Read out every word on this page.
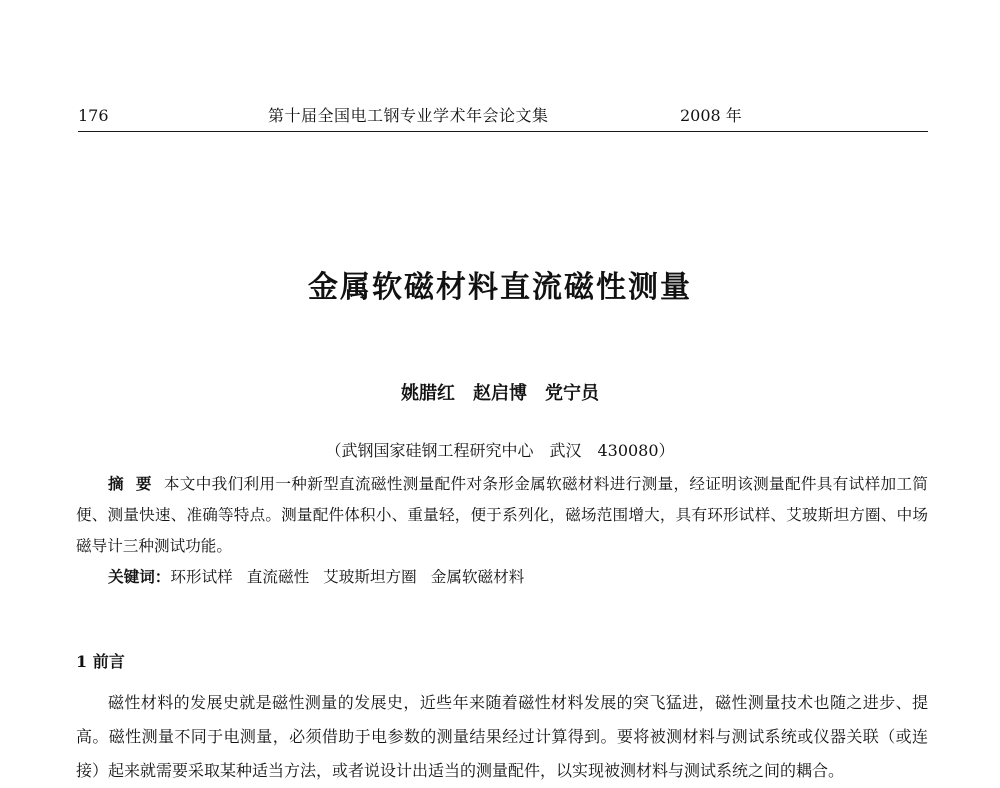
176	第十届全国电工钢专业学术年会论文集	2008 年
金属软磁材料直流磁性测量
姚腊红　赵启博　党宁员
（武钢国家硅钢工程研究中心　武汉　430080）
摘要本文中我们利用一种新型直流磁性测量配件对条形金属软磁材料进行测量，经证明该测量配件具有试样加工简便、测量快速、准确等特点。测量配件体积小、重量轻，便于系列化，磁场范围增大，具有环形试样、艾玻斯坦方圈、中场磁导计三种测试功能。
关键词：环形试样 直流磁性 艾玻斯坦方圈 金属软磁材料
1 前言
磁性材料的发展史就是磁性测量的发展史，近些年来随着磁性材料发展的突飞猛进，磁性测量技术也随之进步、提高。磁性测量不同于电测量，必须借助于电参数的测量结果经过计算得到。要将被测材料与测试系统或仪器关联（或连接）起来就需要采取某种适当方法，或者说设计出适当的测量配件，以实现被测材料与测试系统之间的耦合。
